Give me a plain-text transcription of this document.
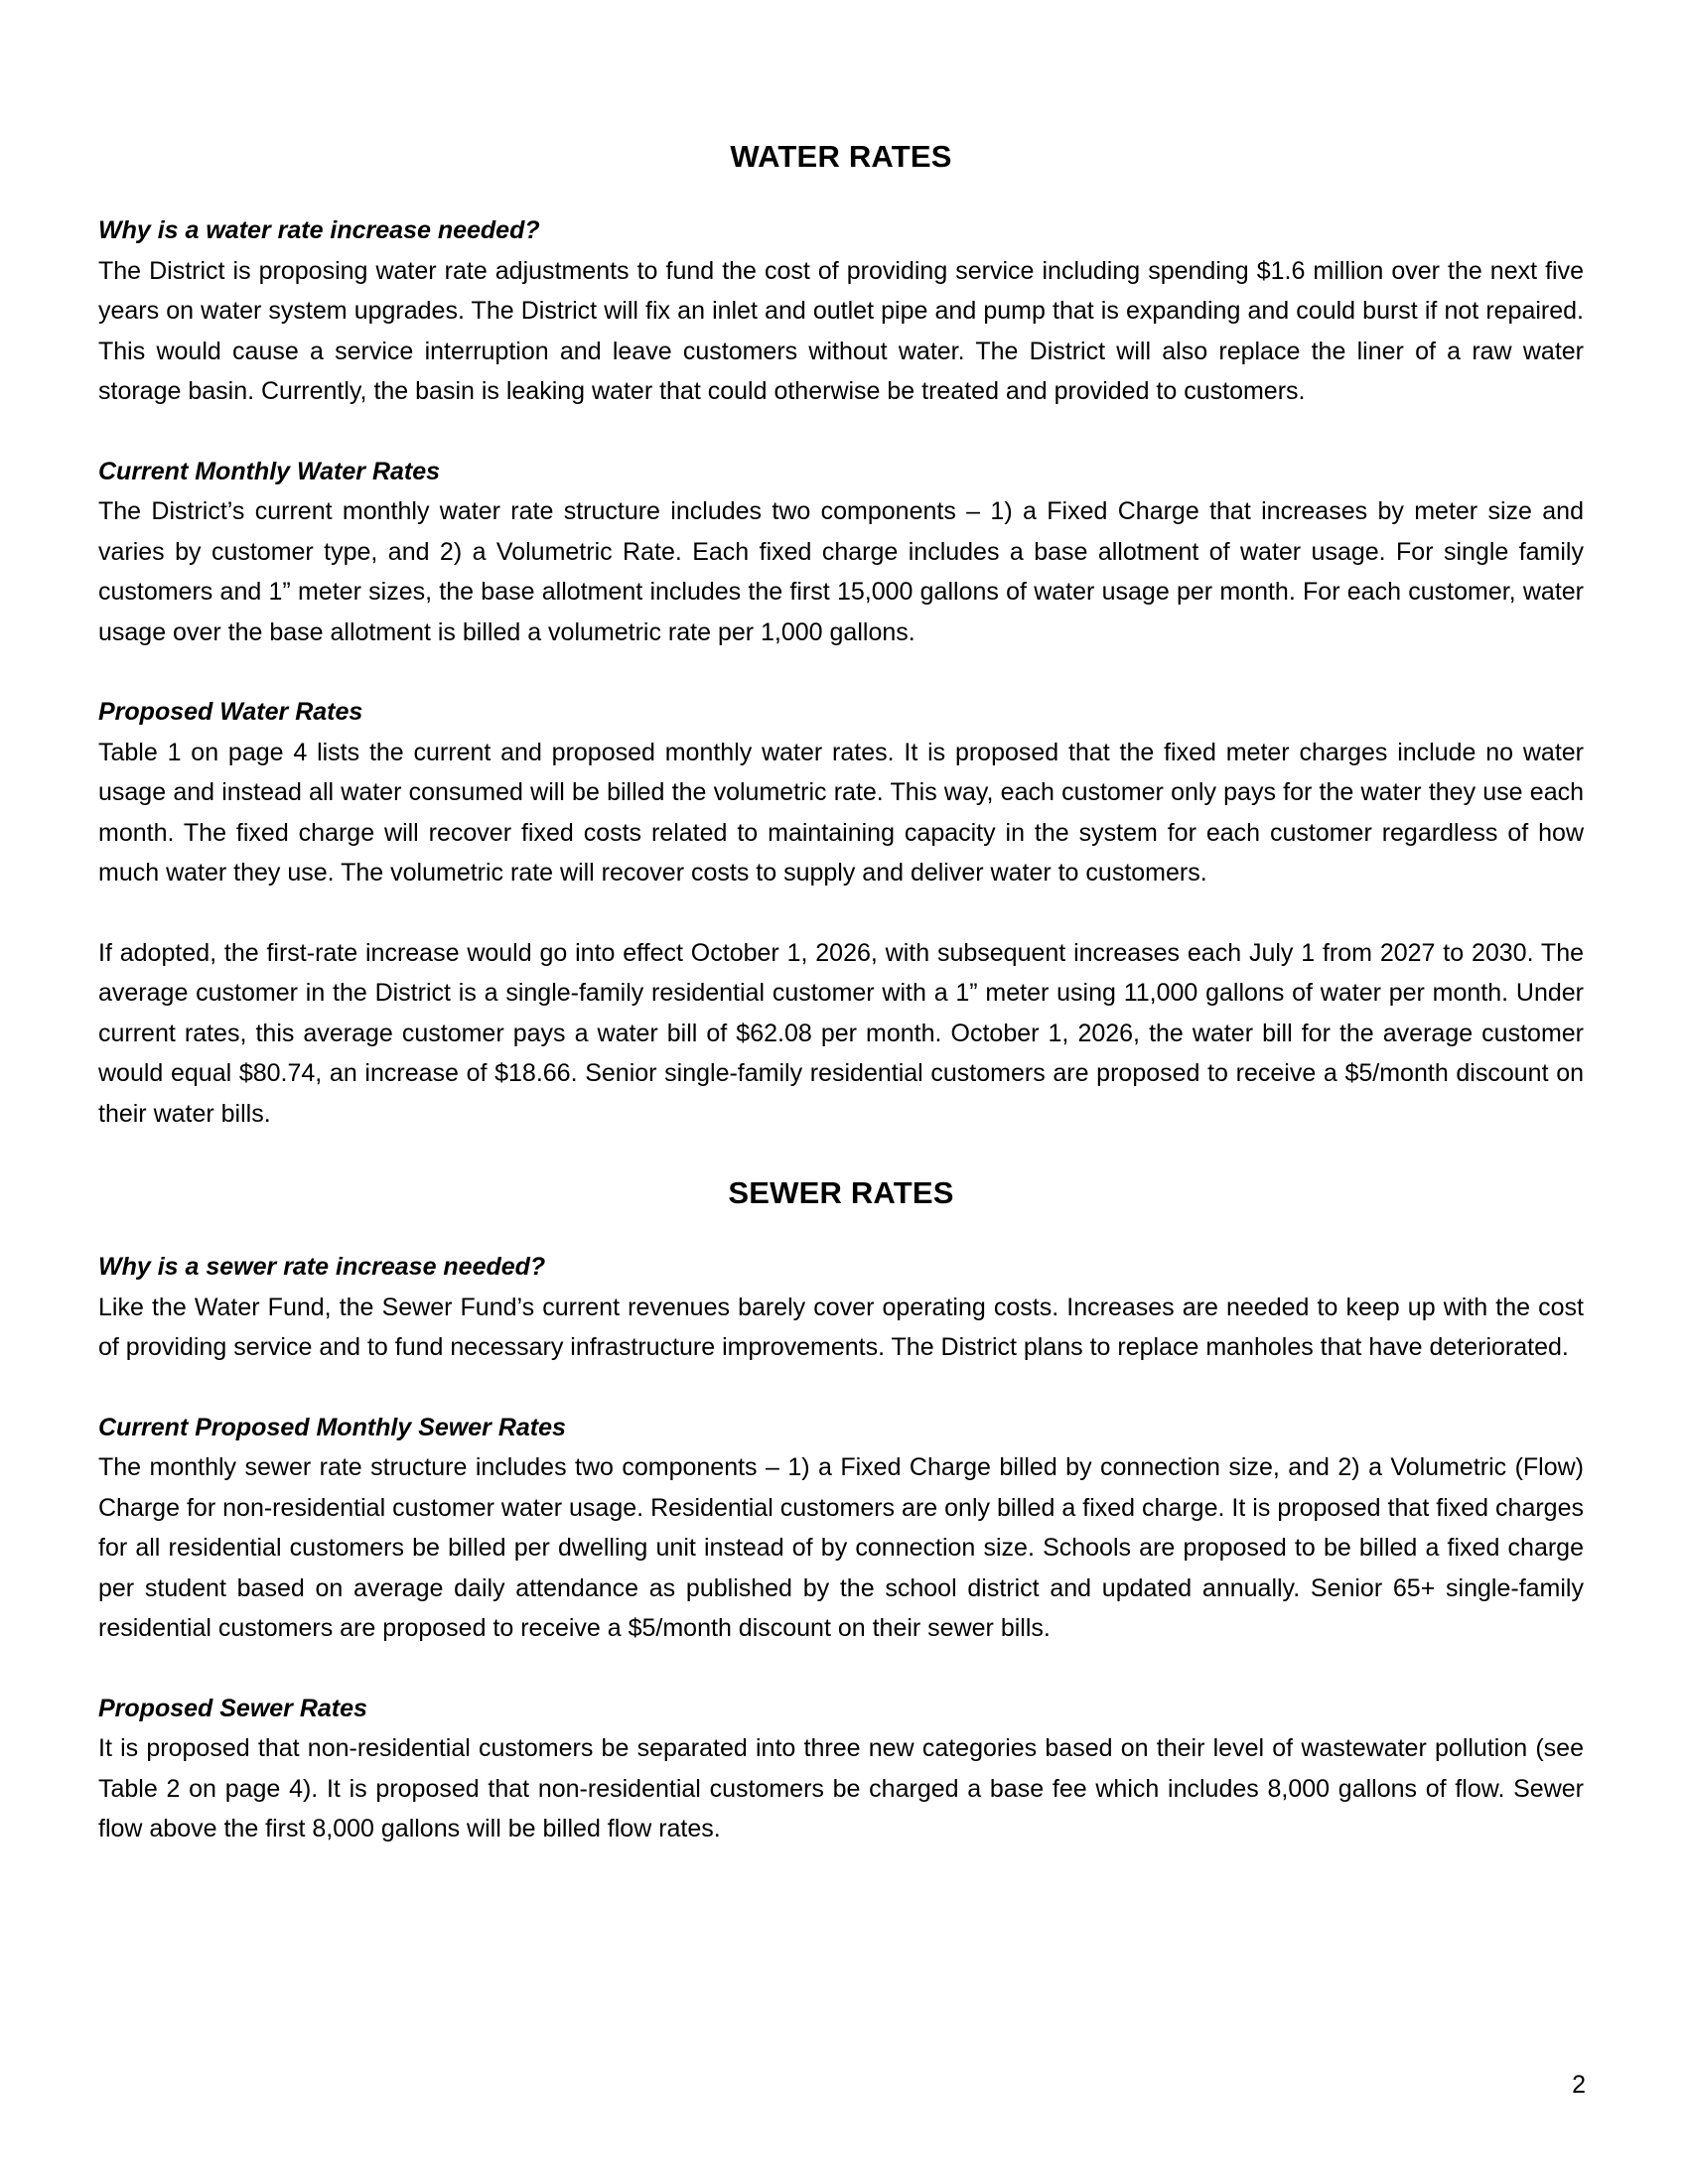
WATER RATES

Why is a water rate increase needed?

The District is proposing water rate adjustments to fund the cost of providing service including spending $1.6 million over the next five years on water system upgrades. The District will fix an inlet and outlet pipe and pump that is expanding and could burst if not repaired. This would cause a service interruption and leave customers without water. The District will also replace the liner of a raw water storage basin. Currently, the basin is leaking water that could otherwise be treated and provided to customers.

Current Monthly Water Rates

The District’s current monthly water rate structure includes two components – 1) a Fixed Charge that increases by meter size and varies by customer type, and 2) a Volumetric Rate. Each fixed charge includes a base allotment of water usage. For single family customers and 1” meter sizes, the base allotment includes the first 15,000 gallons of water usage per month. For each customer, water usage over the base allotment is billed a volumetric rate per 1,000 gallons.

Proposed Water Rates

Table 1 on page 4 lists the current and proposed monthly water rates. It is proposed that the fixed meter charges include no water usage and instead all water consumed will be billed the volumetric rate. This way, each customer only pays for the water they use each month. The fixed charge will recover fixed costs related to maintaining capacity in the system for each customer regardless of how much water they use. The volumetric rate will recover costs to supply and deliver water to customers.

If adopted, the first-rate increase would go into effect October 1, 2026, with subsequent increases each July 1 from 2027 to 2030. The average customer in the District is a single-family residential customer with a 1” meter using 11,000 gallons of water per month. Under current rates, this average customer pays a water bill of $62.08 per month. October 1, 2026, the water bill for the average customer would equal $80.74, an increase of $18.66. Senior single-family residential customers are proposed to receive a $5/month discount on their water bills.

SEWER RATES

Why is a sewer rate increase needed?

Like the Water Fund, the Sewer Fund’s current revenues barely cover operating costs. Increases are needed to keep up with the cost of providing service and to fund necessary infrastructure improvements. The District plans to replace manholes that have deteriorated.

Current Proposed Monthly Sewer Rates

The monthly sewer rate structure includes two components – 1) a Fixed Charge billed by connection size, and 2) a Volumetric (Flow) Charge for non-residential customer water usage. Residential customers are only billed a fixed charge. It is proposed that fixed charges for all residential customers be billed per dwelling unit instead of by connection size. Schools are proposed to be billed a fixed charge per student based on average daily attendance as published by the school district and updated annually. Senior 65+ single-family residential customers are proposed to receive a $5/month discount on their sewer bills.

Proposed Sewer Rates

It is proposed that non-residential customers be separated into three new categories based on their level of wastewater pollution (see Table 2 on page 4). It is proposed that non-residential customers be charged a base fee which includes 8,000 gallons of flow. Sewer flow above the first 8,000 gallons will be billed flow rates.

2
